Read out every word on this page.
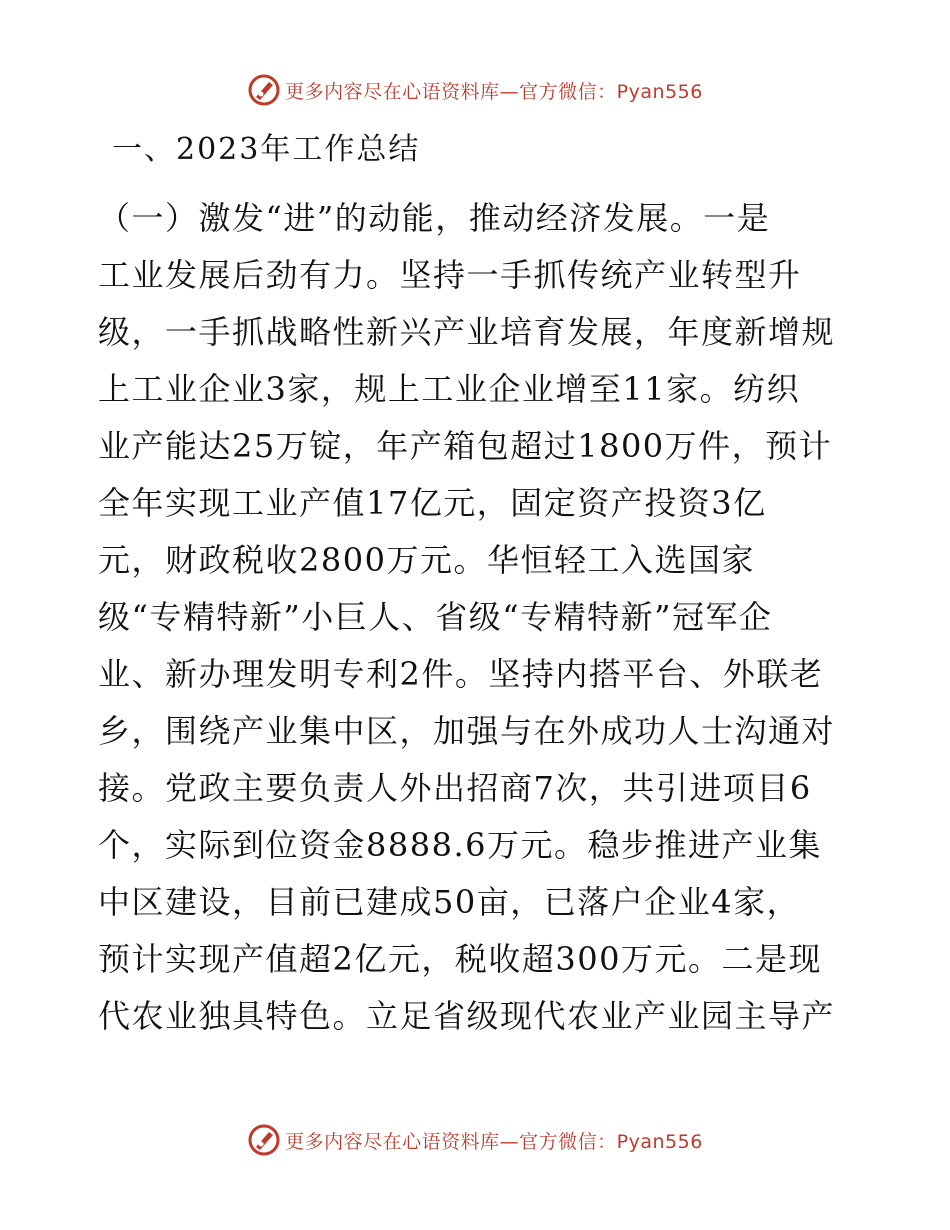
更多内容尽在心语资料库—官方微信：Pyan556
一、2023年工作总结
（一）激发“进”的动能，推动经济发展。一是
工业发展后劲有力。坚持一手抓传统产业转型升
级，一手抓战略性新兴产业培育发展，年度新增规
上工业企业3家，规上工业企业增至11家。纺织
业产能达25万锭，年产箱包超过1800万件，预计
全年实现工业产值17亿元，固定资产投资3亿
元，财政税收2800万元。华恒轻工入选国家
级“专精特新”小巨人、省级“专精特新”冠军企
业、新办理发明专利2件。坚持内搭平台、外联老
乡，围绕产业集中区，加强与在外成功人士沟通对
接。党政主要负责人外出招商7次，共引进项目6
个，实际到位资金8888.6万元。稳步推进产业集
中区建设，目前已建成50亩，已落户企业4家，
预计实现产值超2亿元，税收超300万元。二是现
代农业独具特色。立足省级现代农业产业园主导产
更多内容尽在心语资料库—官方微信：Pyan556
